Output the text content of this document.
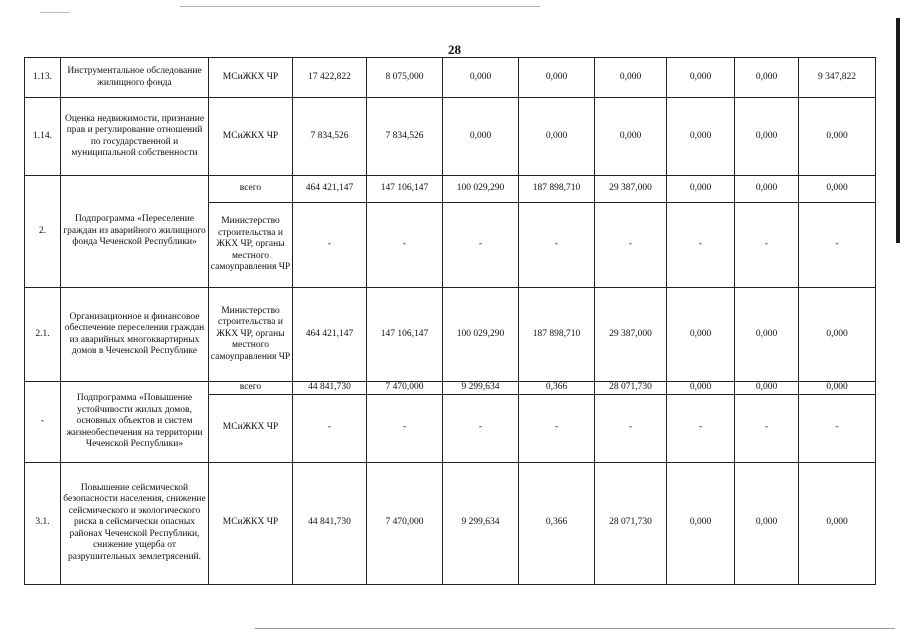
28
1.13.	Инструментальное обследование жилищного фонда	МСиЖКХ ЧР	17 422,822	8 075,000	0,000	0,000	0,000	0,000	0,000	9 347,822
1.14.	Оценка недвижимости, признание прав и регулирование отношений по государственной и муниципальной собственности	МСиЖКХ ЧР	7 834,526	7 834,526	0,000	0,000	0,000	0,000	0,000	0,000
2.	Подпрограмма «Переселение граждан из аварийного жилищного фонда Чеченской Республики»	всего	464 421,147	147 106,147	100 029,290	187 898,710	29 387,000	0,000	0,000	0,000
		Министерство строительства и ЖКХ ЧР, органы местного самоуправления ЧР	-	-	-	-	-	-	-	-
2.1.	Организационное и финансовое обеспечение переселения граждан из аварийных многоквартирных домов в Чеченской Республике	Министерство строительства и ЖКХ ЧР, органы местного самоуправления ЧР	464 421,147	147 106,147	100 029,290	187 898,710	29 387,000	0,000	0,000	0,000
-	Подпрограмма «Повышение устойчивости жилых домов, основных объектов и систем жизнеобеспечения на территории Чеченской Республики»	всего	44 841,730	7 470,000	9 299,634	0,366	28 071,730	0,000	0,000	0,000
		МСиЖКХ ЧР	-	-	-	-	-	-	-	-
3.1.	Повышение сейсмической безопасности населения, снижение сейсмического и экологического риска в сейсмически опасных районах Чеченской Республики, снижение ущерба от разрушительных землетрясений.	МСиЖКХ ЧР	44 841,730	7 470,000	9 299,634	0,366	28 071,730	0,000	0,000	0,000
